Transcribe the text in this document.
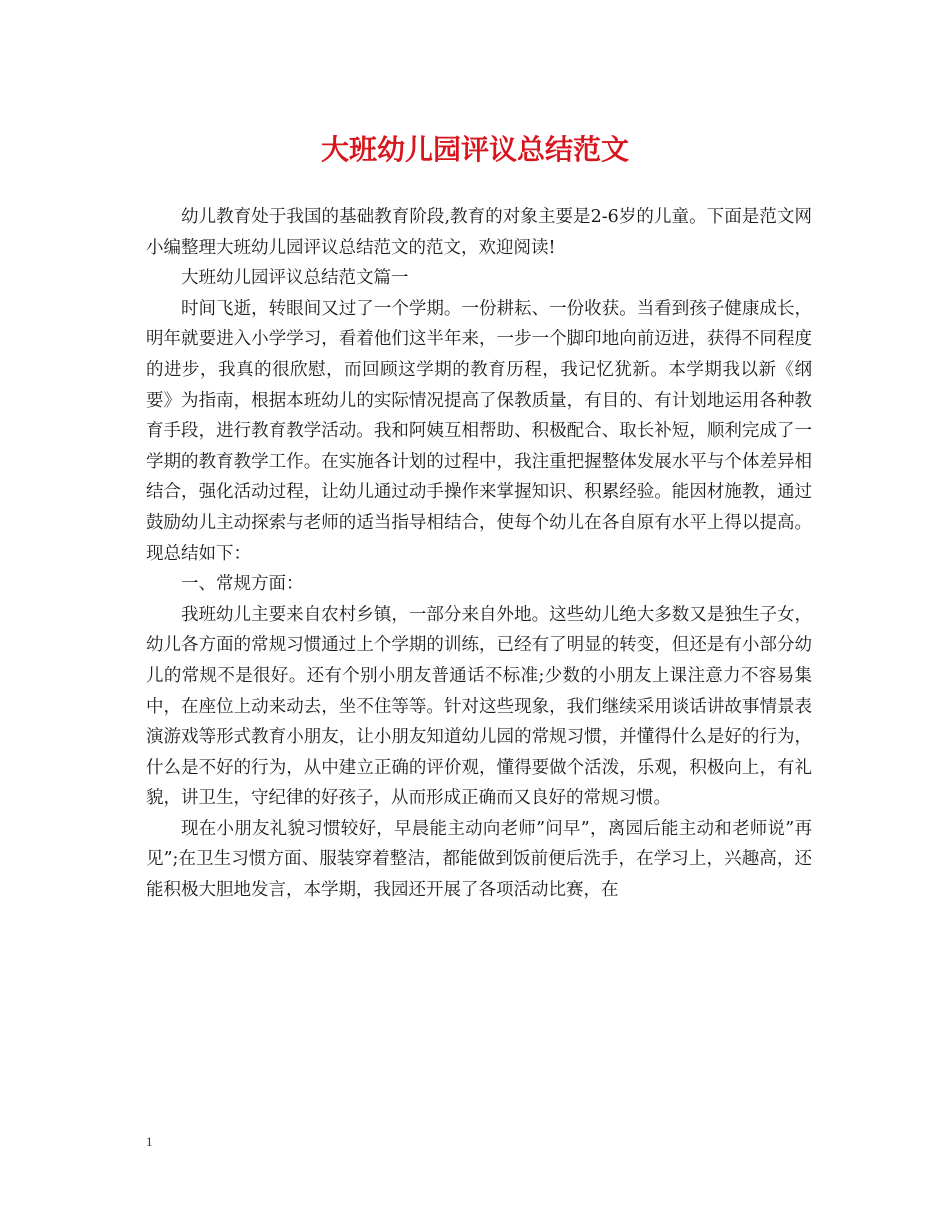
大班幼儿园评议总结范文

幼儿教育处于我国的基础教育阶段,教育的对象主要是2-6岁的儿童。下面是范文网小编整理大班幼儿园评议总结范文的范文，欢迎阅读!

大班幼儿园评议总结范文篇一

时间飞逝，转眼间又过了一个学期。一份耕耘、一份收获。当看到孩子健康成长，明年就要进入小学学习，看着他们这半年来，一步一个脚印地向前迈进，获得不同程度的进步，我真的很欣慰，而回顾这学期的教育历程，我记忆犹新。本学期我以新《纲要》为指南，根据本班幼儿的实际情况提高了保教质量，有目的、有计划地运用各种教育手段，进行教育教学活动。我和阿姨互相帮助、积极配合、取长补短，顺利完成了一学期的教育教学工作。在实施各计划的过程中，我注重把握整体发展水平与个体差异相结合，强化活动过程，让幼儿通过动手操作来掌握知识、积累经验。能因材施教，通过鼓励幼儿主动探索与老师的适当指导相结合，使每个幼儿在各自原有水平上得以提高。现总结如下：

一、常规方面：

我班幼儿主要来自农村乡镇，一部分来自外地。这些幼儿绝大多数又是独生子女，幼儿各方面的常规习惯通过上个学期的训练，已经有了明显的转变，但还是有小部分幼儿的常规不是很好。还有个别小朋友普通话不标准;少数的小朋友上课注意力不容易集中，在座位上动来动去，坐不住等等。针对这些现象，我们继续采用谈话讲故事情景表演游戏等形式教育小朋友，让小朋友知道幼儿园的常规习惯，并懂得什么是好的行为，什么是不好的行为，从中建立正确的评价观，懂得要做个活泼，乐观，积极向上，有礼貌，讲卫生，守纪律的好孩子，从而形成正确而又良好的常规习惯。

现在小朋友礼貌习惯较好，早晨能主动向老师”问早”，离园后能主动和老师说”再见”;在卫生习惯方面、服装穿着整洁，都能做到饭前便后洗手，在学习上，兴趣高，还能积极大胆地发言，本学期，我园还开展了各项活动比赛，在

1
